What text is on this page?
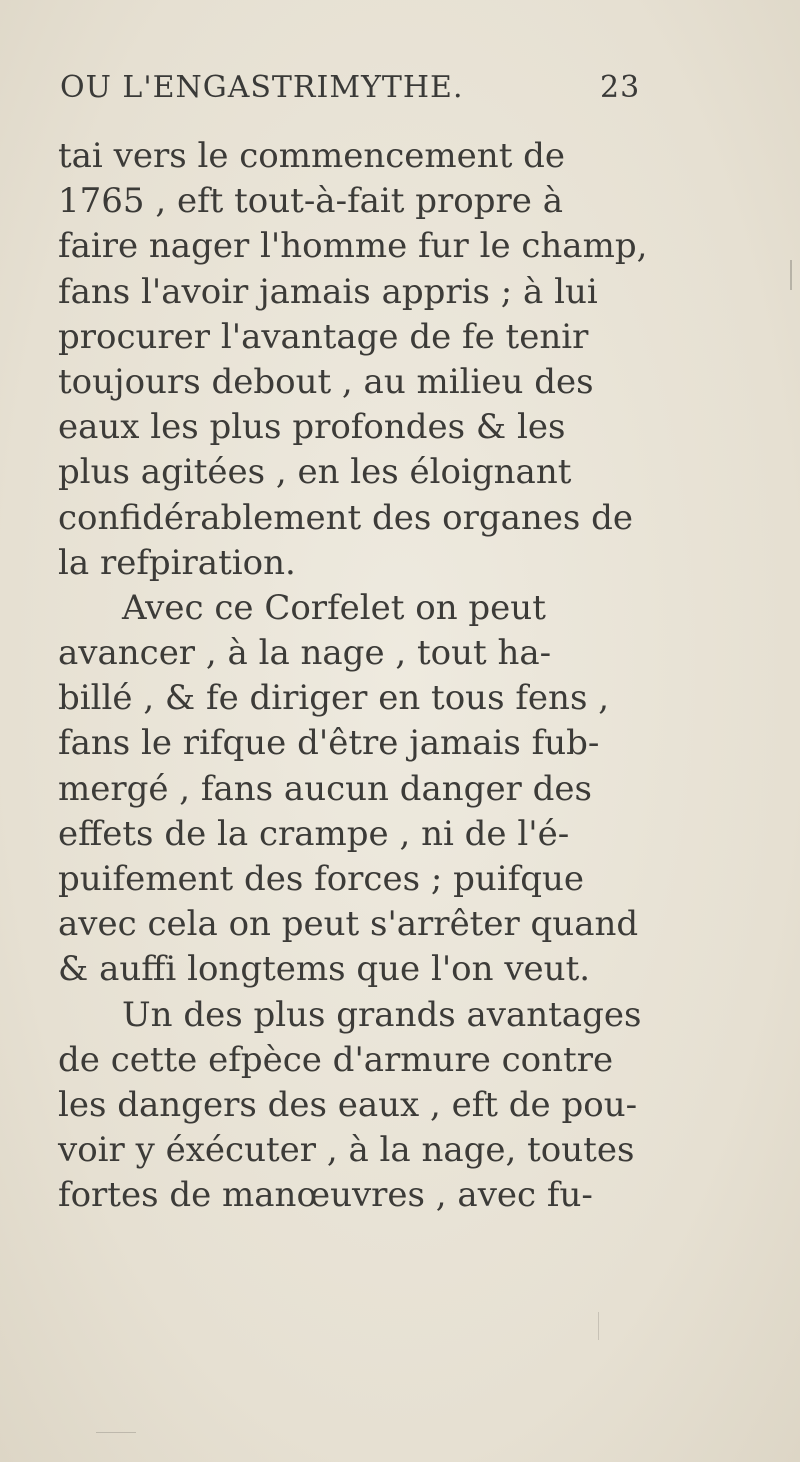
OU L'ENGASTRIMYTHE.	23
tai vers le commencement de
1765 , eft tout-à-fait propre à
faire nager l'homme fur le champ,
fans l'avoir jamais appris ; à lui
procurer l'avantage de fe tenir
toujours debout , au milieu des
eaux les plus profondes & les
plus agitées , en les éloignant
confidérablement des organes de
la refpiration.
Avec ce Corfelet on peut
avancer , à la nage , tout ha-
billé , & fe diriger en tous fens ,
fans le rifque d'être jamais fub-
mergé , fans aucun danger des
effets de la crampe , ni de l'é-
puifement des forces ; puifque
avec cela on peut s'arrêter quand
& auffi longtems que l'on veut.
Un des plus grands avantages
de cette efpèce d'armure contre
les dangers des eaux , eft de pou-
voir y éxécuter , à la nage, toutes
fortes de manœuvres , avec fu-
